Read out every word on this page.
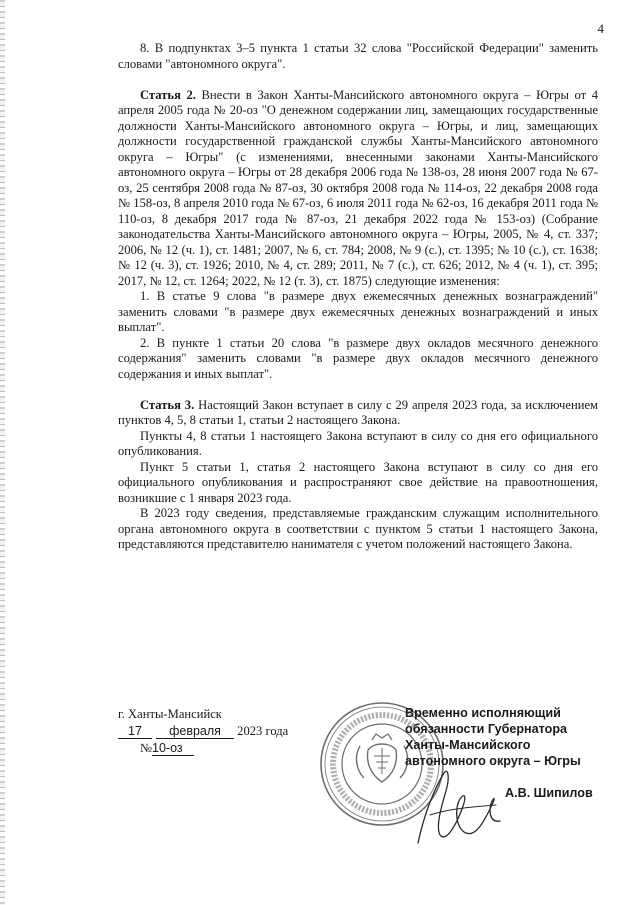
4

8. В подпунктах 3–5 пункта 1 статьи 32 слова "Российской Федерации" заменить словами "автономного округа".

Статья 2. Внести в Закон Ханты-Мансийского автономного округа – Югры от 4 апреля 2005 года № 20-оз "О денежном содержании лиц, замещающих государственные должности Ханты-Мансийского автономного округа – Югры, и лиц, замещающих должности государственной гражданской службы Ханты-Мансийского автономного округа – Югры" (с изменениями, внесенными законами Ханты-Мансийского автономного округа – Югры от 28 декабря 2006 года № 138-оз, 28 июня 2007 года № 67-оз, 25 сентября 2008 года № 87-оз, 30 октября 2008 года № 114-оз, 22 декабря 2008 года № 158-оз, 8 апреля 2010 года № 67-оз, 6 июля 2011 года № 62-оз, 16 декабря 2011 года № 110-оз, 8 декабря 2017 года № 87-оз, 21 декабря 2022 года № 153-оз) (Собрание законодательства Ханты-Мансийского автономного округа – Югры, 2005, № 4, ст. 337; 2006, № 12 (ч. 1), ст. 1481; 2007, № 6, ст. 784; 2008, № 9 (с.), ст. 1395; № 10 (с.), ст. 1638; № 12 (ч. 3), ст. 1926; 2010, № 4, ст. 289; 2011, № 7 (с.), ст. 626; 2012, № 4 (ч. 1), ст. 395; 2017, № 12, ст. 1264; 2022, № 12 (т. 3), ст. 1875) следующие изменения:

1. В статье 9 слова "в размере двух ежемесячных денежных вознаграждений" заменить словами "в размере двух ежемесячных денежных вознаграждений и иных выплат".

2. В пункте 1 статьи 20 слова "в размере двух окладов месячного денежного содержания" заменить словами "в размере двух окладов месячного денежного содержания и иных выплат".

Статья 3. Настоящий Закон вступает в силу с 29 апреля 2023 года, за исключением пунктов 4, 5, 8 статьи 1, статьи 2 настоящего Закона.

Пункты 4, 8 статьи 1 настоящего Закона вступают в силу со дня его официального опубликования.

Пункт 5 статьи 1, статья 2 настоящего Закона вступают в силу со дня его официального опубликования и распространяют свое действие на правоотношения, возникшие с 1 января 2023 года.

В 2023 году сведения, представляемые гражданским служащим исполнительного органа автономного округа в соответствии с пунктом 5 статьи 1 настоящего Закона, представляются представителю нанимателя с учетом положений настоящего Закона.

г. Ханты-Мансийск
17 февраля 2023 года
№10-оз
Временно исполняющий
обязанности Губернатора
Ханты-Мансийского
автономного округа – Югры
А.В. Шипилов
